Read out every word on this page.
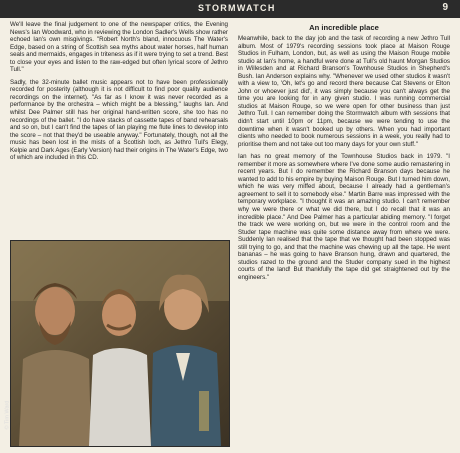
STORMWATCH	9

We'll leave the final judgement to one of the newspaper critics, the Evening News's Ian Woodward, who in reviewing the London Sadler's Wells show rather echoed Ian's own misgivings. "Robert North's bland, innocuous The Water's Edge, based on a string of Scottish sea myths about water horses, half human seals and mermaids, engages in triteness as if it were trying to set a trend. Best to close your eyes and listen to the raw-edged but often lyrical score of Jethro Tull."

Sadly, the 32-minute ballet music appears not to have been professionally recorded for posterity (although it is not difficult to find poor quality audience recordings on the internet). "As far as I know it was never recorded as a performance by the orchestra – which might be a blessing," laughs Ian. And whilst Dee Palmer still has her original hand-written score, she too has no recordings of the ballet. "I do have stacks of cassette tapes of band rehearsals and so on, but I can't find the tapes of Ian playing me flute lines to develop into the score – not that they'd be useable anyway." Fortunately, though, not all the music has been lost in the mists of a Scottish loch, as Jethro Tull's Elegy, Kelpie and Dark Ages (Early Version) had their origins in The Water's Edge, two of which are included in this CD.

An incredible place

Meanwhile, back to the day job and the task of recording a new Jethro Tull album. Most of 1979's recording sessions took place at Maison Rouge Studios in Fulham, London, but, as well as using the Maison Rouge mobile studio at Ian's home, a handful were done at Tull's old haunt Morgan Studios in Willesden and at Richard Branson's Townhouse Studios in Shepherd's Bush. Ian Anderson explains why. "Whenever we used other studios it wasn't with a view to, 'Oh, let's go and record there because Cat Stevens or Elton John or whoever just did', it was simply because you can't always get the time you are looking for in any given studio. I was running commercial studios at Maison Rouge, so we were open for other business than just Jethro Tull. I can remember doing the Stormwatch album with sessions that didn't start until 10pm or 11pm, because we were tending to use the downtime when it wasn't booked up by others. When you had important clients who needed to book numerous sessions in a week, you really had to prioritise them and not take out too many days for your own stuff."

Ian has no great memory of the Townhouse Studios back in 1979. "I remember it more as somewhere where I've done some audio remastering in recent years. But I do remember the Richard Branson days because he wanted to add to his empire by buying Maison Rouge. But I turned him down, which he was very miffed about, because I already had a gentleman's agreement to sell it to somebody else." Martin Barre was impressed with the temporary workplace. "I thought it was an amazing studio. I can't remember why we were there or what we did there, but I do recall that it was an incredible place." And Dee Palmer has a particular abiding memory. "I forget the track we were working on, but we were in the control room and the Studer tape machine was quite some distance away from where we were. Suddenly Ian realised that the tape that we thought had been stopped was still trying to go, and that the machine was chewing up all the tape. He went bananas – he was going to have Branson hung, drawn and quartered, the studios razed to the ground and the Studer company sued in the highest courts of the land! But thankfully the tape did get straightened out by the engineers."

© Tim Ward
